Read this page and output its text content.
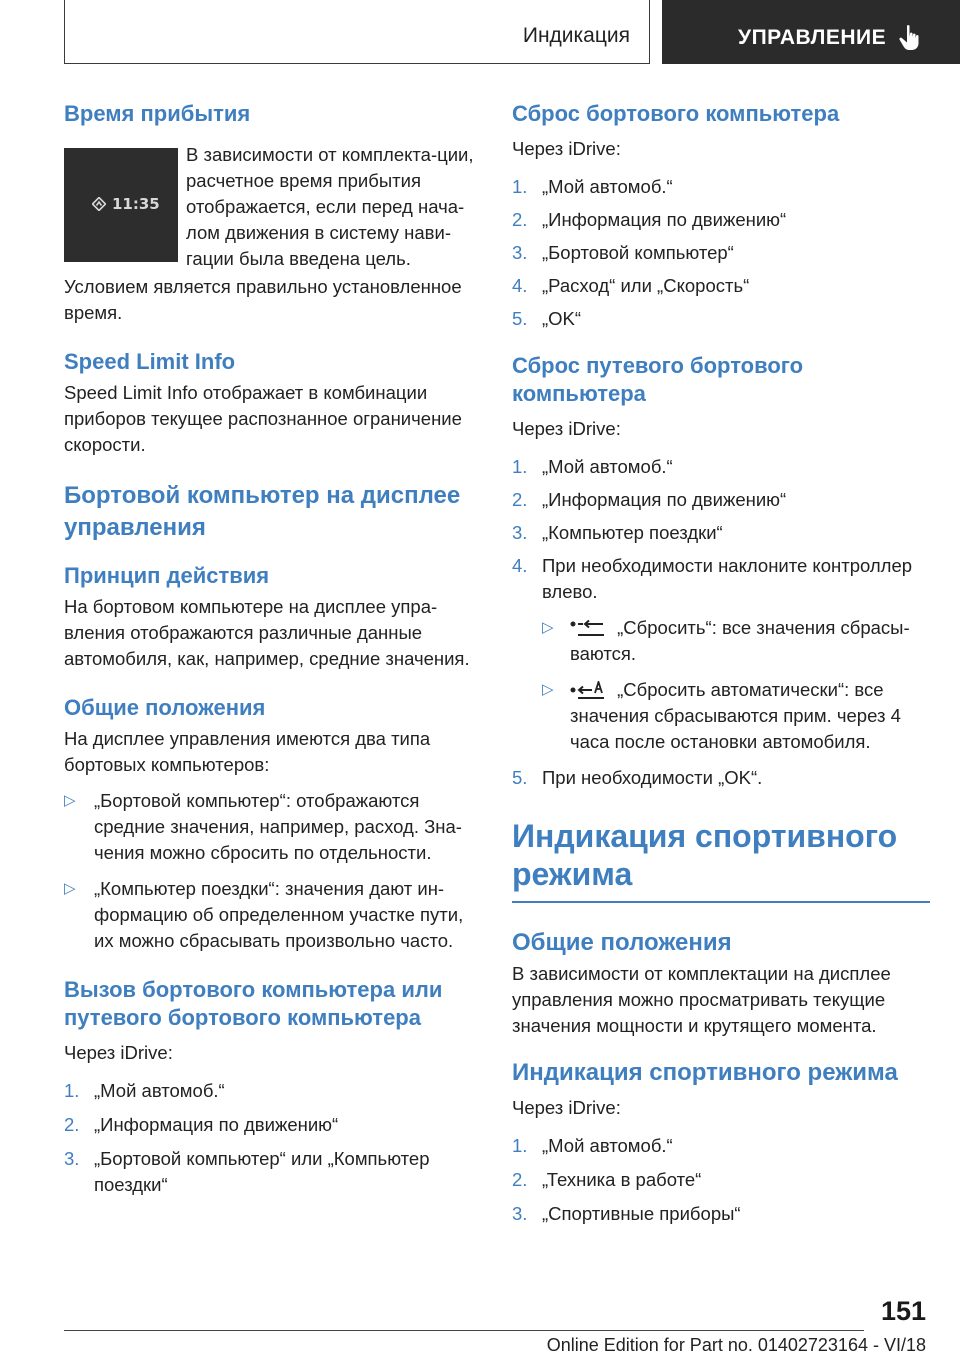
Индикация	УПРАВЛЕНИЕ
Время прибытия
11:35
В зависимости от комплекта-ции, расчетное время прибытия отображается, если перед нача-лом движения в систему нави-гации была введена цель.
Условием является правильно установленное время.
Speed Limit Info
Speed Limit Info отображает в комбинации приборов текущее распознанное ограничение скорости.
Бортовой компьютер на дисплее управления
Принцип действия
На бортовом компьютере на дисплее упра-вления отображаются различные данные автомобиля, как, например, средние значения.
Общие положения
На дисплее управления имеются два типа бортовых компьютеров:
▷ „Бортовой компьютер“: отображаются средние значения, например, расход. Зна-чения можно сбросить по отдельности.
▷ „Компьютер поездки“: значения дают ин-формацию об определенном участке пути, их можно сбрасывать произвольно часто.
Вызов бортового компьютера или путевого бортового компьютера
Через iDrive:
1. „Мой автомоб.“
2. „Информация по движению“
3. „Бортовой компьютер“ или „Компьютер поездки“
Сброс бортового компьютера
Через iDrive:
1. „Мой автомоб.“
2. „Информация по движению“
3. „Бортовой компьютер“
4. „Расход“ или „Скорость“
5. „OK“
Сброс путевого бортового компьютера
Через iDrive:
1. „Мой автомоб.“
2. „Информация по движению“
3. „Компьютер поездки“
4. При необходимости наклоните контроллер влево.
▷	„Сбросить“: все значения сбрасы-ваются.
▷	„Сбросить автоматически“: все значения сбрасываются прим. через 4 часа после остановки автомобиля.
5. При необходимости „OK“.
Индикация спортивного режима
Общие положения
В зависимости от комплектации на дисплее управления можно просматривать текущие значения мощности и крутящего момента.
Индикация спортивного режима
Через iDrive:
1. „Мой автомоб.“
2. „Техника в работе“
3. „Спортивные приборы“
151
Online Edition for Part no. 01402723164 - VI/18
